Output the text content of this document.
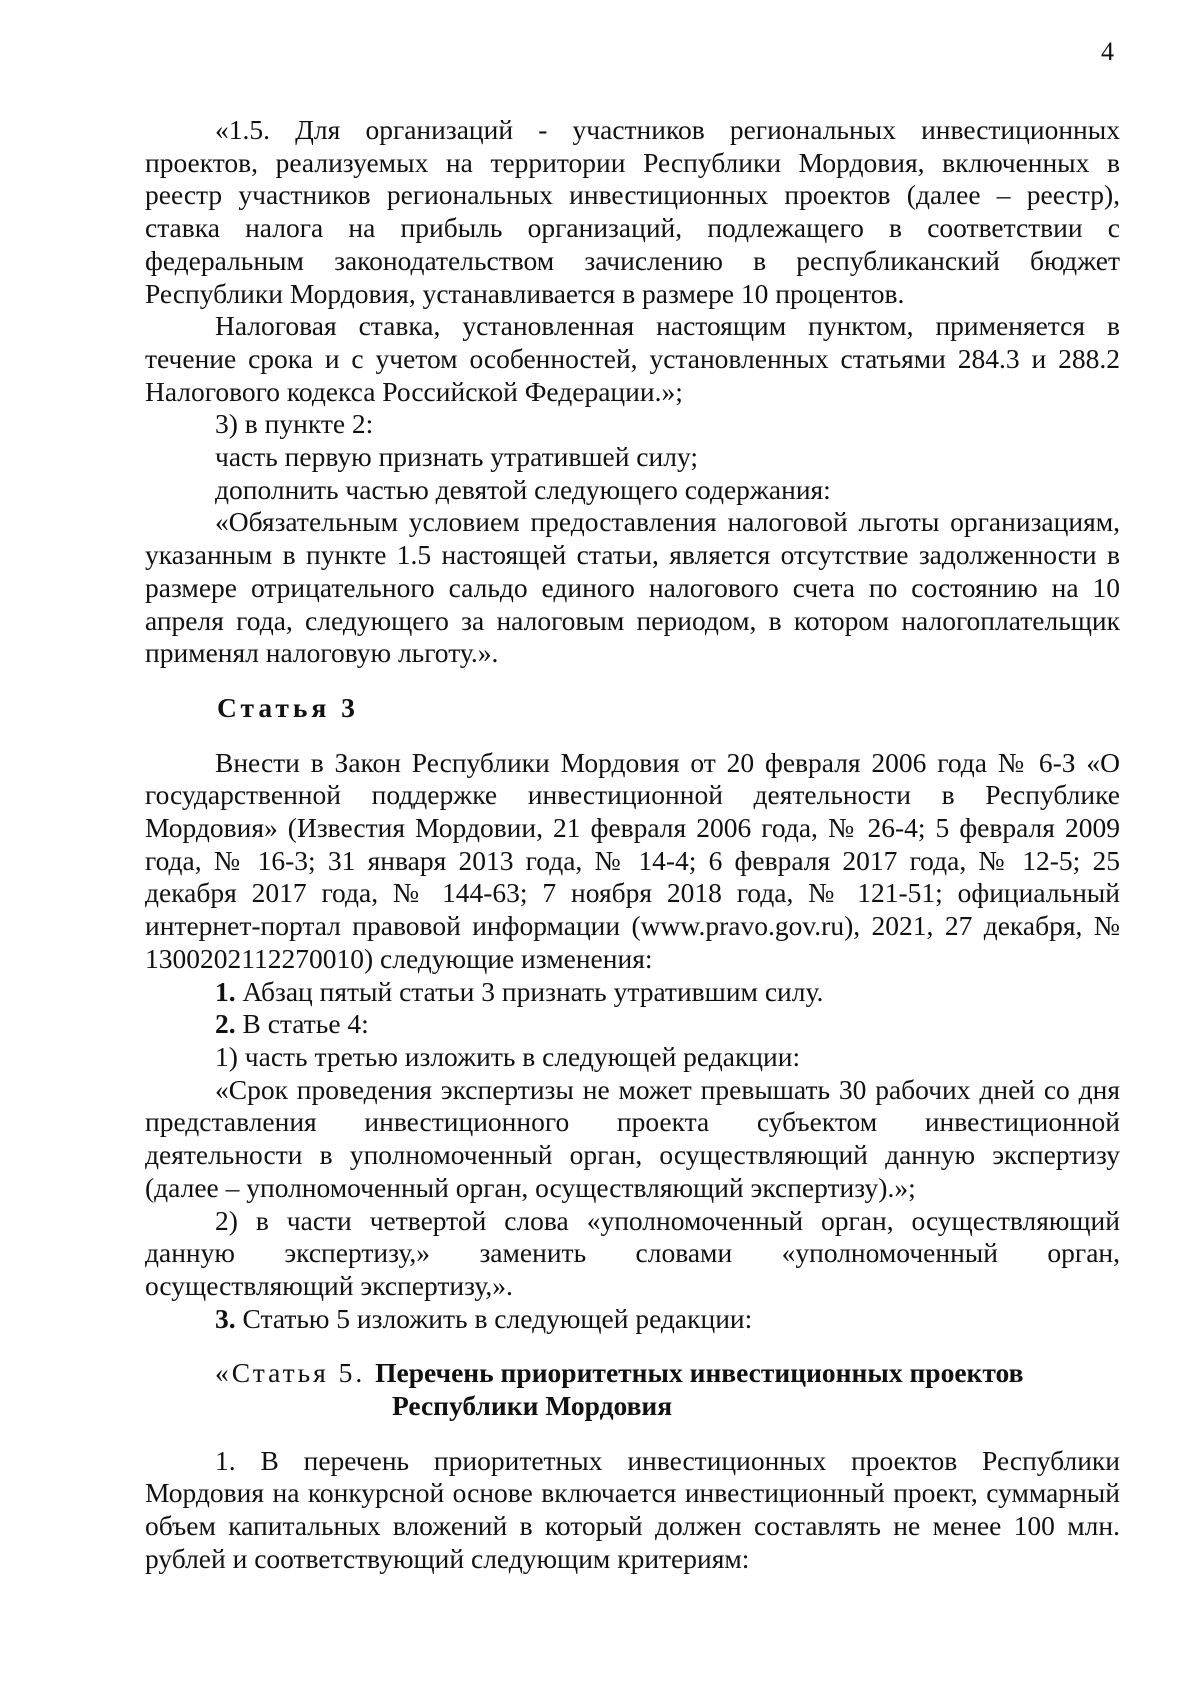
4

«1.5. Для организаций - участников региональных инвестиционных проектов, реализуемых на территории Республики Мордовия, включенных в реестр участников региональных инвестиционных проектов (далее – реестр), ставка налога на прибыль организаций, подлежащего в соответствии с федеральным законодательством зачислению в республиканский бюджет Республики Мордовия, устанавливается в размере 10 процентов.

Налоговая ставка, установленная настоящим пунктом, применяется в течение срока и с учетом особенностей, установленных статьями 284.3 и 288.2 Налогового кодекса Российской Федерации.»;

3) в пункте 2:

часть первую признать утратившей силу;

дополнить частью девятой следующего содержания:

«Обязательным условием предоставления налоговой льготы организациям, указанным в пункте 1.5 настоящей статьи, является отсутствие задолженности в размере отрицательного сальдо единого налогового счета по состоянию на 10 апреля года, следующего за налоговым периодом, в котором налогоплательщик применял налоговую льготу.».

Статья 3

Внести в Закон Республики Мордовия от 20 февраля 2006 года № 6-З «О государственной поддержке инвестиционной деятельности в Республике Мордовия» (Известия Мордовии, 21 февраля 2006 года, № 26-4; 5 февраля 2009 года, № 16-3; 31 января 2013 года, № 14-4; 6 февраля 2017 года, № 12-5; 25 декабря 2017 года, № 144-63; 7 ноября 2018 года, № 121-51; официальный интернет-портал правовой информации (www.pravo.gov.ru), 2021, 27 декабря, № 1300202112270010) следующие изменения:

1. Абзац пятый статьи 3 признать утратившим силу.

2. В статье 4:

1) часть третью изложить в следующей редакции:

«Срок проведения экспертизы не может превышать 30 рабочих дней со дня представления инвестиционного проекта субъектом инвестиционной деятельности в уполномоченный орган, осуществляющий данную экспертизу (далее – уполномоченный орган, осуществляющий экспертизу).»;

2) в части четвертой слова «уполномоченный орган, осуществляющий данную экспертизу,» заменить словами «уполномоченный орган, осуществляющий экспертизу,».

3. Статью 5 изложить в следующей редакции:

«Статья 5. Перечень приоритетных инвестиционных проектов

Республики Мордовия

1. В перечень приоритетных инвестиционных проектов Республики Мордовия на конкурсной основе включается инвестиционный проект, суммарный объем капитальных вложений в который должен составлять не менее 100 млн. рублей и соответствующий следующим критериям:
